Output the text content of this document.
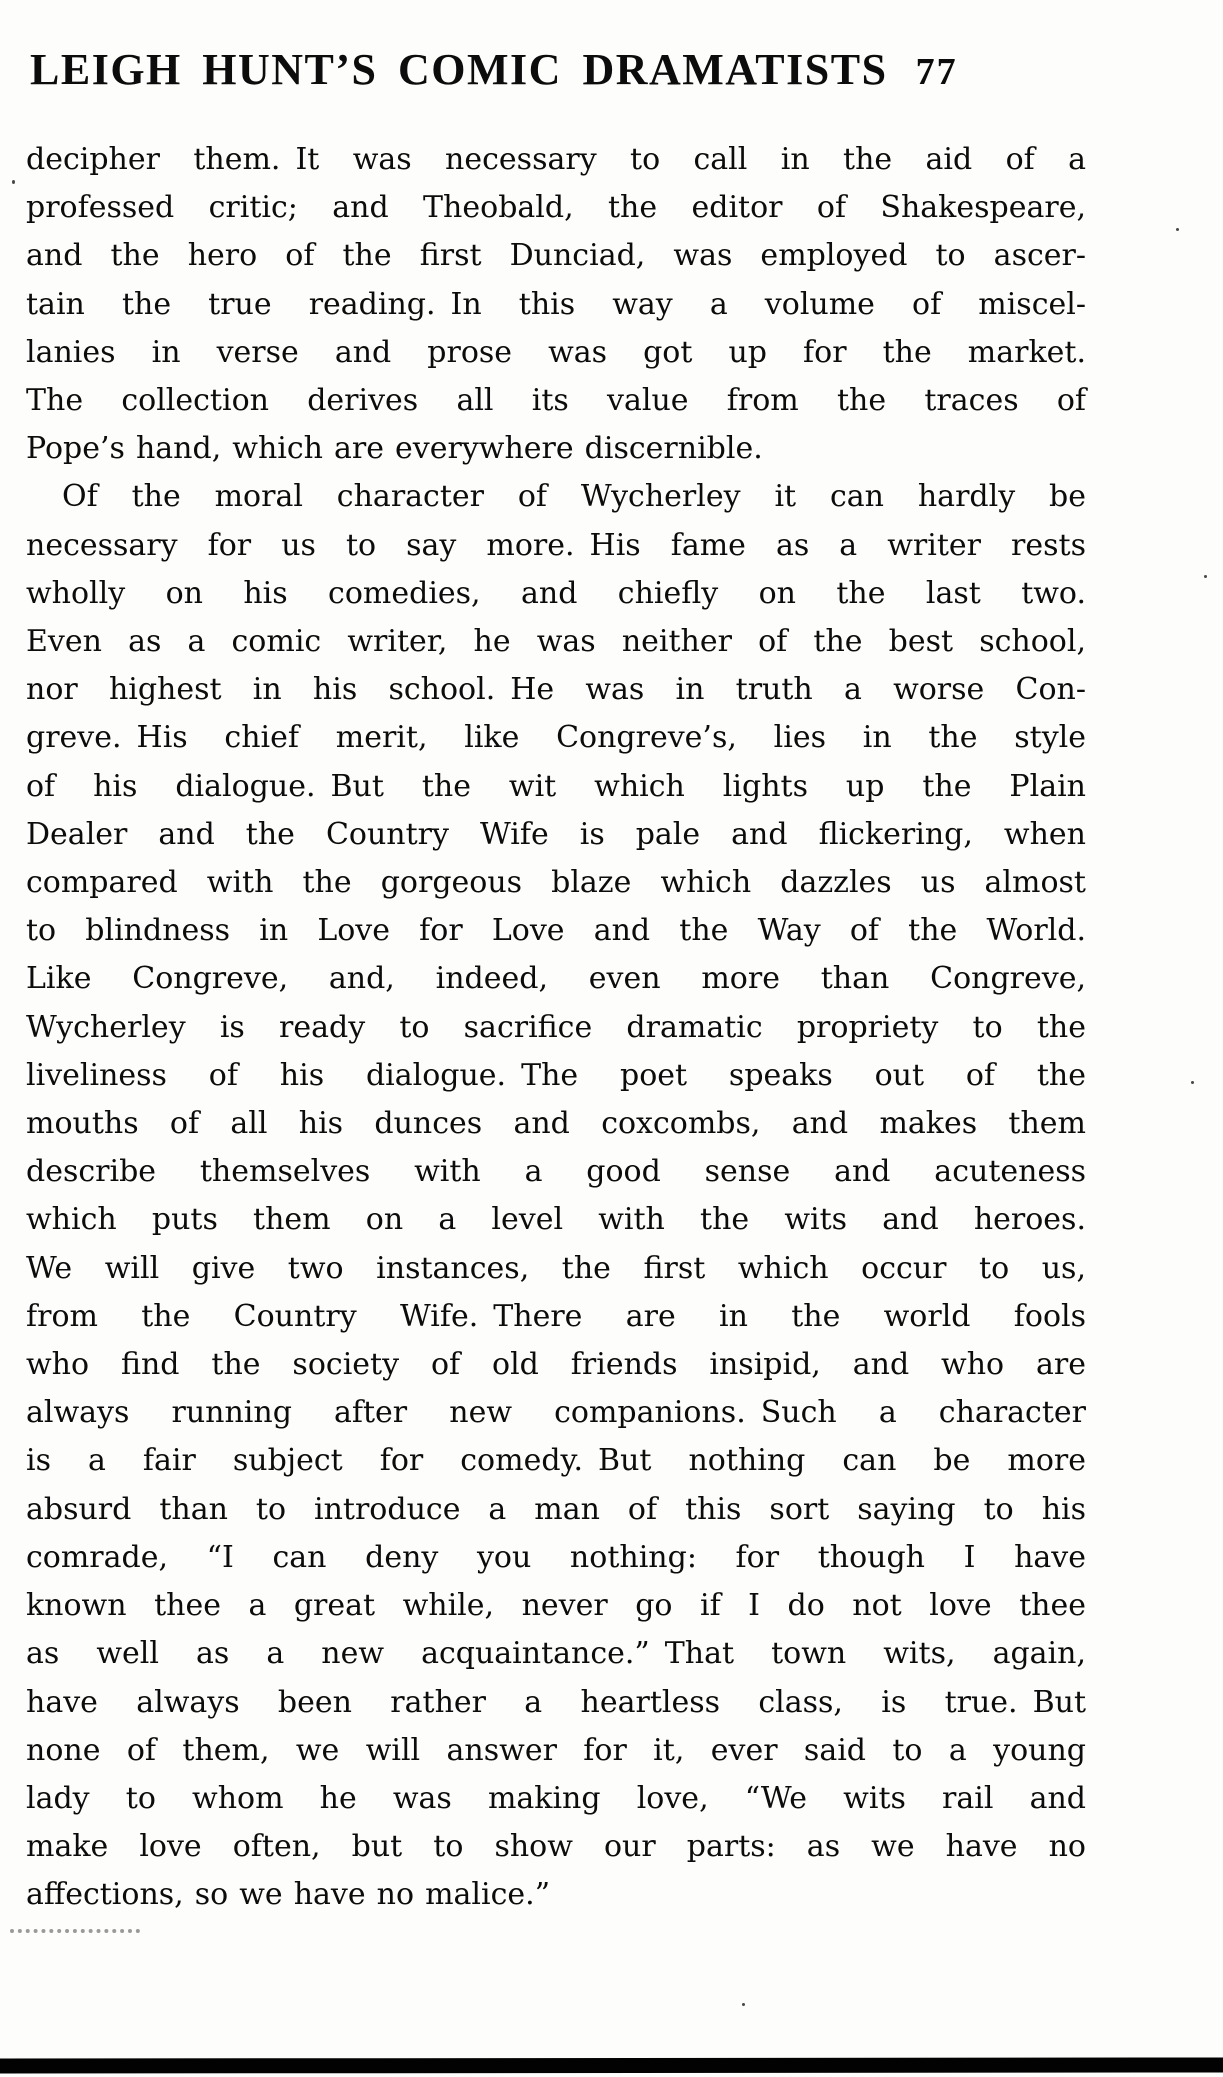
LEIGH HUNT’S COMIC DRAMATISTS 77
decipher them. It was necessary to call in the aid of a
professed critic; and Theobald, the editor of Shakespeare,
and the hero of the first Dunciad, was employed to ascer-
tain the true reading. In this way a volume of miscel-
lanies in verse and prose was got up for the market.
The collection derives all its value from the traces of
Pope’s hand, which are everywhere discernible.
Of the moral character of Wycherley it can hardly be
necessary for us to say more. His fame as a writer rests
wholly on his comedies, and chiefly on the last two.
Even as a comic writer, he was neither of the best school,
nor highest in his school. He was in truth a worse Con-
greve. His chief merit, like Congreve’s, lies in the style
of his dialogue. But the wit which lights up the Plain
Dealer and the Country Wife is pale and flickering, when
compared with the gorgeous blaze which dazzles us almost
to blindness in Love for Love and the Way of the World.
Like Congreve, and, indeed, even more than Congreve,
Wycherley is ready to sacrifice dramatic propriety to the
liveliness of his dialogue. The poet speaks out of the
mouths of all his dunces and coxcombs, and makes them
describe themselves with a good sense and acuteness
which puts them on a level with the wits and heroes.
We will give two instances, the first which occur to us,
from the Country Wife. There are in the world fools
who find the society of old friends insipid, and who are
always running after new companions. Such a character
is a fair subject for comedy. But nothing can be more
absurd than to introduce a man of this sort saying to his
comrade, “I can deny you nothing: for though I have
known thee a great while, never go if I do not love thee
as well as a new acquaintance.” That town wits, again,
have always been rather a heartless class, is true. But
none of them, we will answer for it, ever said to a young
lady to whom he was making love, “We wits rail and
make love often, but to show our parts: as we have no
affections, so we have no malice.”
